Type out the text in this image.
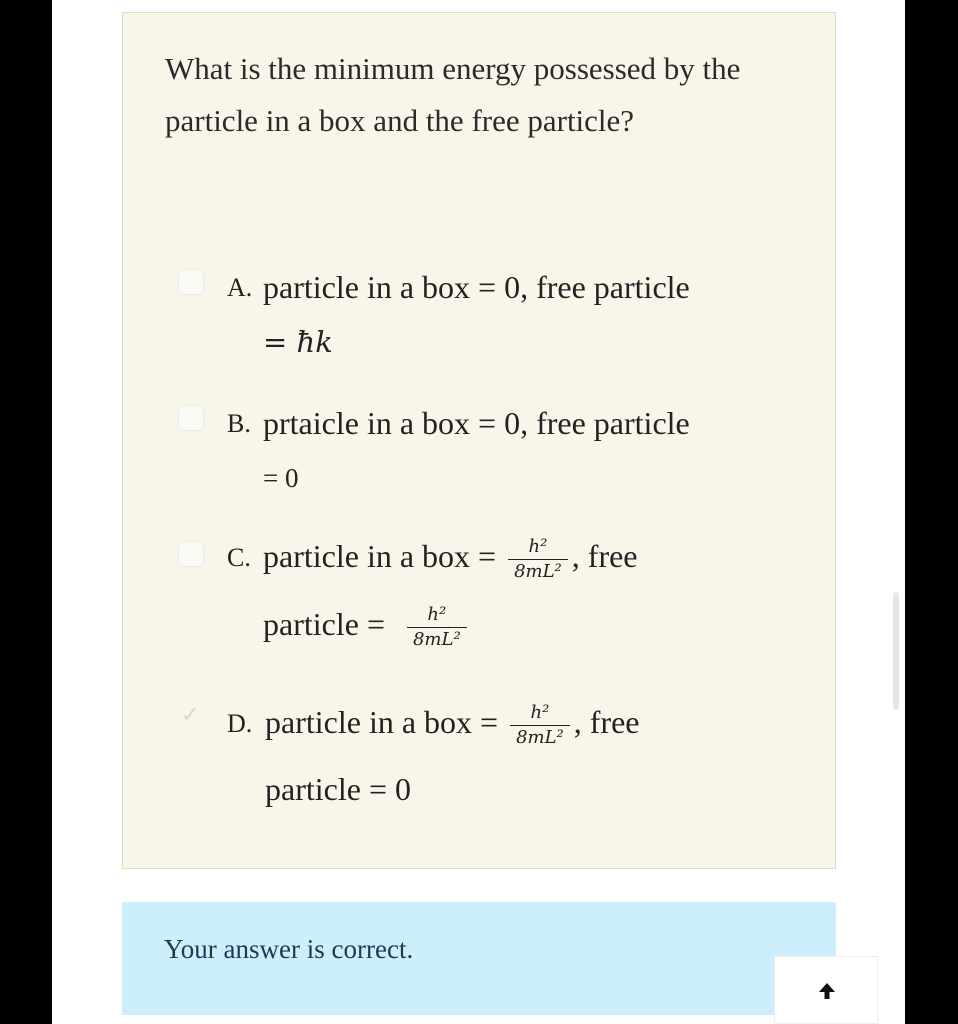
What is the minimum energy possessed by the particle in a box and the free particle?
A. particle in a box = 0, free particle
= ħk
B. prtaicle in a box = 0, free particle
= 0
C. particle in a box = $\frac{\text{h²}}{\text{8mL²}}$ , free
particle = $\frac{\text{h²}}{\text{8mL²}}$
✓ D. particle in a box = $\frac{\text{h²}}{\text{8mL²}}$ , free
particle = 0
Your answer is correct.
